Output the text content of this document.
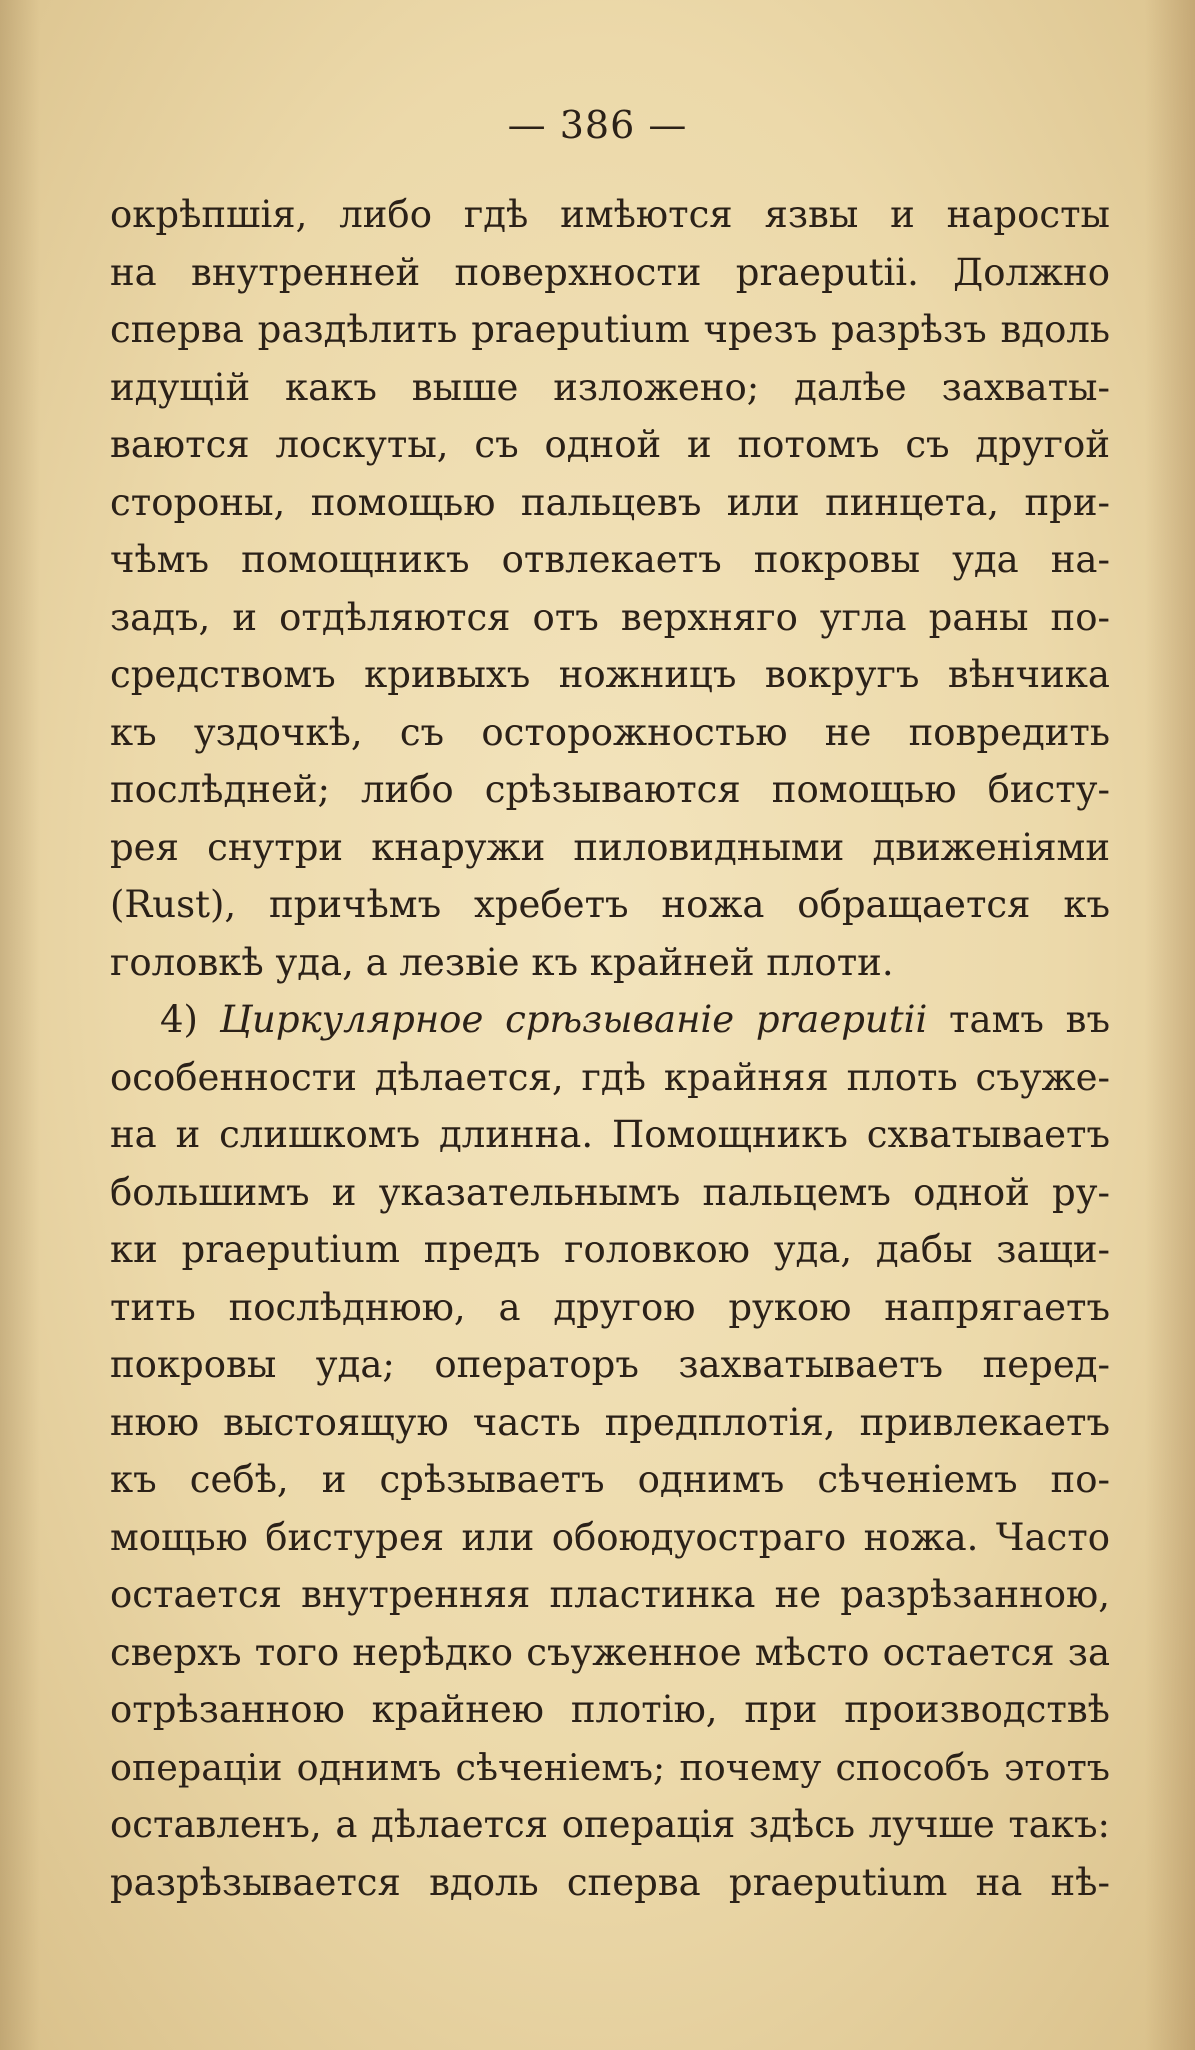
— 386 —
окрѣпшія, либо гдѣ имѣются язвы и наросты
на внутренней поверхности praeputii. Должно
сперва раздѣлить praeputium чрезъ разрѣзъ вдоль
идущій какъ выше изложено; далѣе захваты-
ваются лоскуты, съ одной и потомъ съ другой
стороны, помощью пальцевъ или пинцета, при-
чѣмъ помощникъ отвлекаетъ покровы уда на-
задъ, и отдѣляются отъ верхняго угла раны по-
средствомъ кривыхъ ножницъ вокругъ вѣнчика
къ уздочкѣ, съ осторожностью не повредить
послѣдней; либо срѣзываются помощью бисту-
рея снутри кнаружи пиловидными движеніями
(Rust), причѣмъ хребетъ ножа обращается къ
головкѣ уда, а лезвіе къ крайней плоти.
4) Циркулярное срѣзываніе praeputii тамъ въ
особенности дѣлается, гдѣ крайняя плоть съуже-
на и слишкомъ длинна. Помощникъ схватываетъ
большимъ и указательнымъ пальцемъ одной ру-
ки praeputium предъ головкою уда, дабы защи-
тить послѣднюю, а другою рукою напрягаетъ
покровы уда; операторъ захватываетъ перед-
нюю выстоящую часть предплотія, привлекаетъ
къ себѣ, и срѣзываетъ однимъ сѣченіемъ по-
мощью бистурея или обоюдуостраго ножа. Часто
остается внутренняя пластинка не разрѣзанною,
сверхъ того нерѣдко съуженное мѣсто остается за
отрѣзанною крайнею плотію, при производствѣ
операціи однимъ сѣченіемъ; почему способъ этотъ
оставленъ, а дѣлается операція здѣсь лучше такъ:
разрѣзывается вдоль сперва praeputium на нѣ-
